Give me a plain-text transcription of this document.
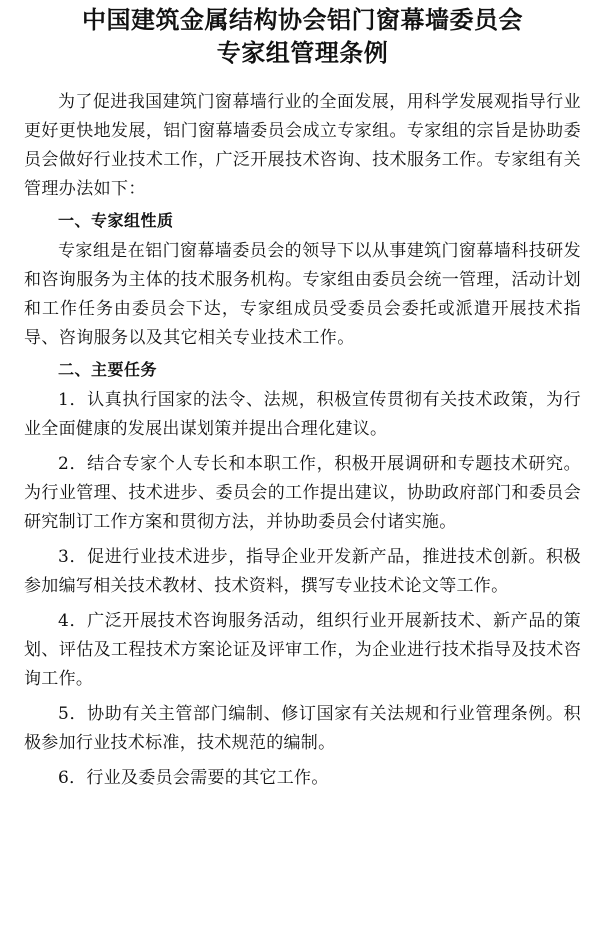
中国建筑金属结构协会铝门窗幕墙委员会
专家组管理条例

为了促进我国建筑门窗幕墙行业的全面发展，用科学发展观指导行业更好更快地发展，铝门窗幕墙委员会成立专家组。专家组的宗旨是协助委员会做好行业技术工作，广泛开展技术咨询、技术服务工作。专家组有关管理办法如下：

一、专家组性质

专家组是在铝门窗幕墙委员会的领导下以从事建筑门窗幕墙科技研发和咨询服务为主体的技术服务机构。专家组由委员会统一管理，活动计划和工作任务由委员会下达，专家组成员受委员会委托或派遣开展技术指导、咨询服务以及其它相关专业技术工作。

二、主要任务

1．认真执行国家的法令、法规，积极宣传贯彻有关技术政策，为行业全面健康的发展出谋划策并提出合理化建议。

2．结合专家个人专长和本职工作，积极开展调研和专题技术研究。为行业管理、技术进步、委员会的工作提出建议，协助政府部门和委员会研究制订工作方案和贯彻方法，并协助委员会付诸实施。

3．促进行业技术进步，指导企业开发新产品，推进技术创新。积极参加编写相关技术教材、技术资料，撰写专业技术论文等工作。

4．广泛开展技术咨询服务活动，组织行业开展新技术、新产品的策划、评估及工程技术方案论证及评审工作，为企业进行技术指导及技术咨询工作。

5．协助有关主管部门编制、修订国家有关法规和行业管理条例。积极参加行业技术标准，技术规范的编制。

6．行业及委员会需要的其它工作。
